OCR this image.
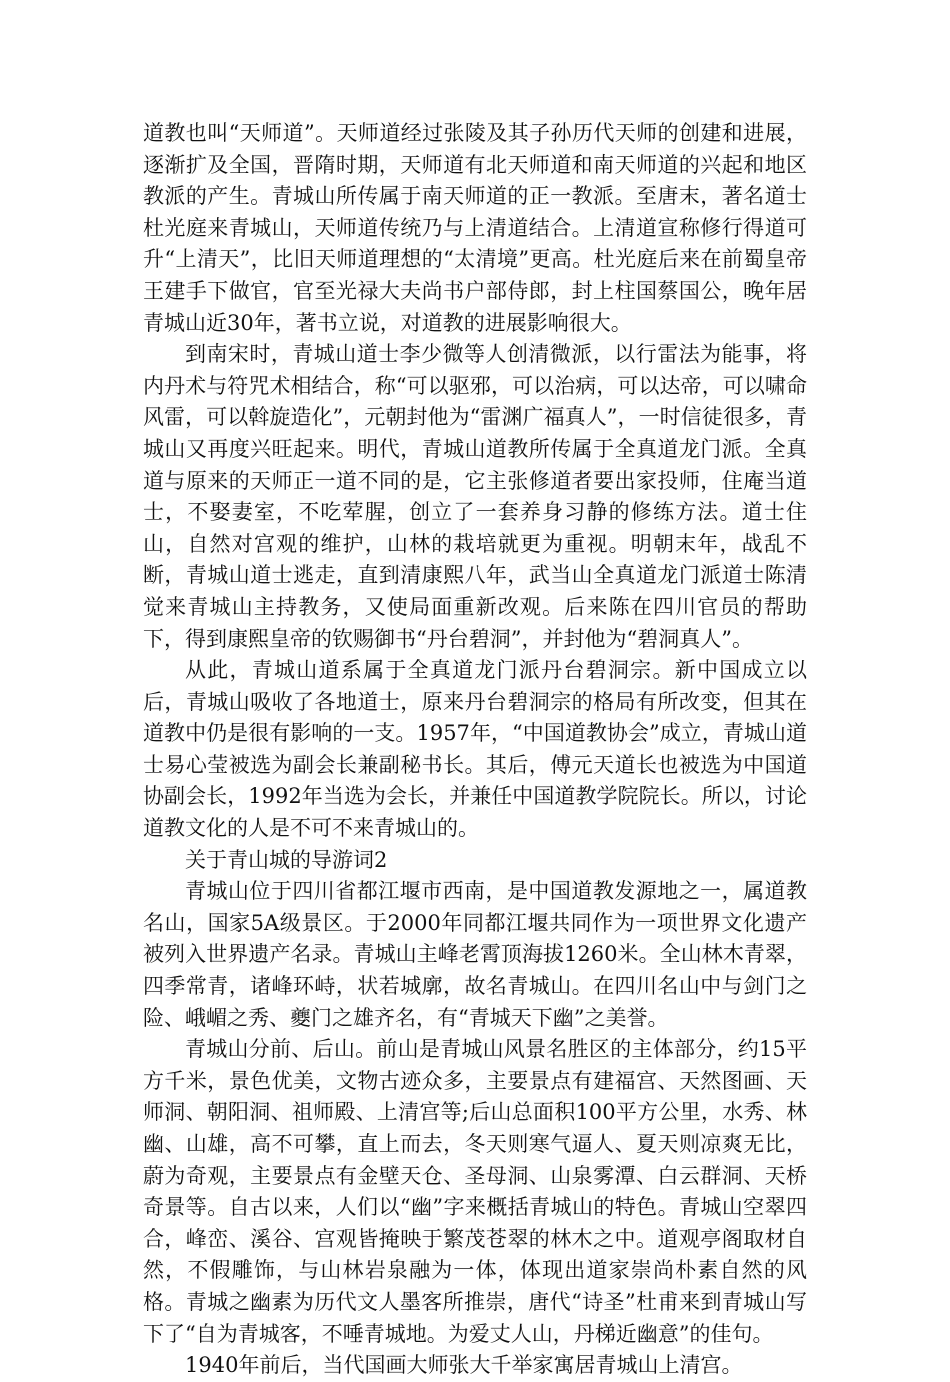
道教也叫“天师道”。天师道经过张陵及其子孙历代天师的创建和进展，逐渐扩及全国，晋隋时期，天师道有北天师道和南天师道的兴起和地区教派的产生。青城山所传属于南天师道的正一教派。至唐末，著名道士杜光庭来青城山，天师道传统乃与上清道结合。上清道宣称修行得道可升“上清天”，比旧天师道理想的“太清境”更高。杜光庭后来在前蜀皇帝王建手下做官，官至光禄大夫尚书户部侍郎，封上柱国蔡国公，晚年居青城山近30年，著书立说，对道教的进展影响很大。

到南宋时，青城山道士李少微等人创清微派，以行雷法为能事，将内丹术与符咒术相结合，称“可以驱邪，可以治病，可以达帝，可以啸命风雷，可以斡旋造化”，元朝封他为“雷渊广福真人”，一时信徒很多，青城山又再度兴旺起来。明代，青城山道教所传属于全真道龙门派。全真道与原来的天师正一道不同的是，它主张修道者要出家投师，住庵当道士，不娶妻室，不吃荤腥，创立了一套养身习静的修练方法。道士住山，自然对宫观的维护，山林的栽培就更为重视。明朝末年，战乱不断，青城山道士逃走，直到清康熙八年，武当山全真道龙门派道士陈清觉来青城山主持教务，又使局面重新改观。后来陈在四川官员的帮助下，得到康熙皇帝的钦赐御书“丹台碧洞”，并封他为“碧洞真人”。

从此，青城山道系属于全真道龙门派丹台碧洞宗。新中国成立以后，青城山吸收了各地道士，原来丹台碧洞宗的格局有所改变，但其在道教中仍是很有影响的一支。1957年，“中国道教协会”成立，青城山道士易心莹被选为副会长兼副秘书长。其后，傅元天道长也被选为中国道协副会长，1992年当选为会长，并兼任中国道教学院院长。所以，讨论道教文化的人是不可不来青城山的。

关于青山城的导游词2

青城山位于四川省都江堰市西南，是中国道教发源地之一，属道教名山，国家5A级景区。于2000年同都江堰共同作为一项世界文化遗产被列入世界遗产名录。青城山主峰老霄顶海拔1260米。全山林木青翠，四季常青，诸峰环峙，状若城廓，故名青城山。在四川名山中与剑门之险、峨嵋之秀、夔门之雄齐名，有“青城天下幽”之美誉。

青城山分前、后山。前山是青城山风景名胜区的主体部分，约15平方千米，景色优美，文物古迹众多，主要景点有建福宫、天然图画、天师洞、朝阳洞、祖师殿、上清宫等;后山总面积100平方公里，水秀、林幽、山雄，高不可攀，直上而去，冬天则寒气逼人、夏天则凉爽无比，蔚为奇观，主要景点有金壁天仓、圣母洞、山泉雾潭、白云群洞、天桥奇景等。自古以来，人们以“幽”字来概括青城山的特色。青城山空翠四合，峰峦、溪谷、宫观皆掩映于繁茂苍翠的林木之中。道观亭阁取材自然，不假雕饰，与山林岩泉融为一体，体现出道家崇尚朴素自然的风格。青城之幽素为历代文人墨客所推崇，唐代“诗圣”杜甫来到青城山写下了“自为青城客，不唾青城地。为爱丈人山，丹梯近幽意”的佳句。

1940年前后，当代国画大师张大千举家寓居青城山上清宫。
